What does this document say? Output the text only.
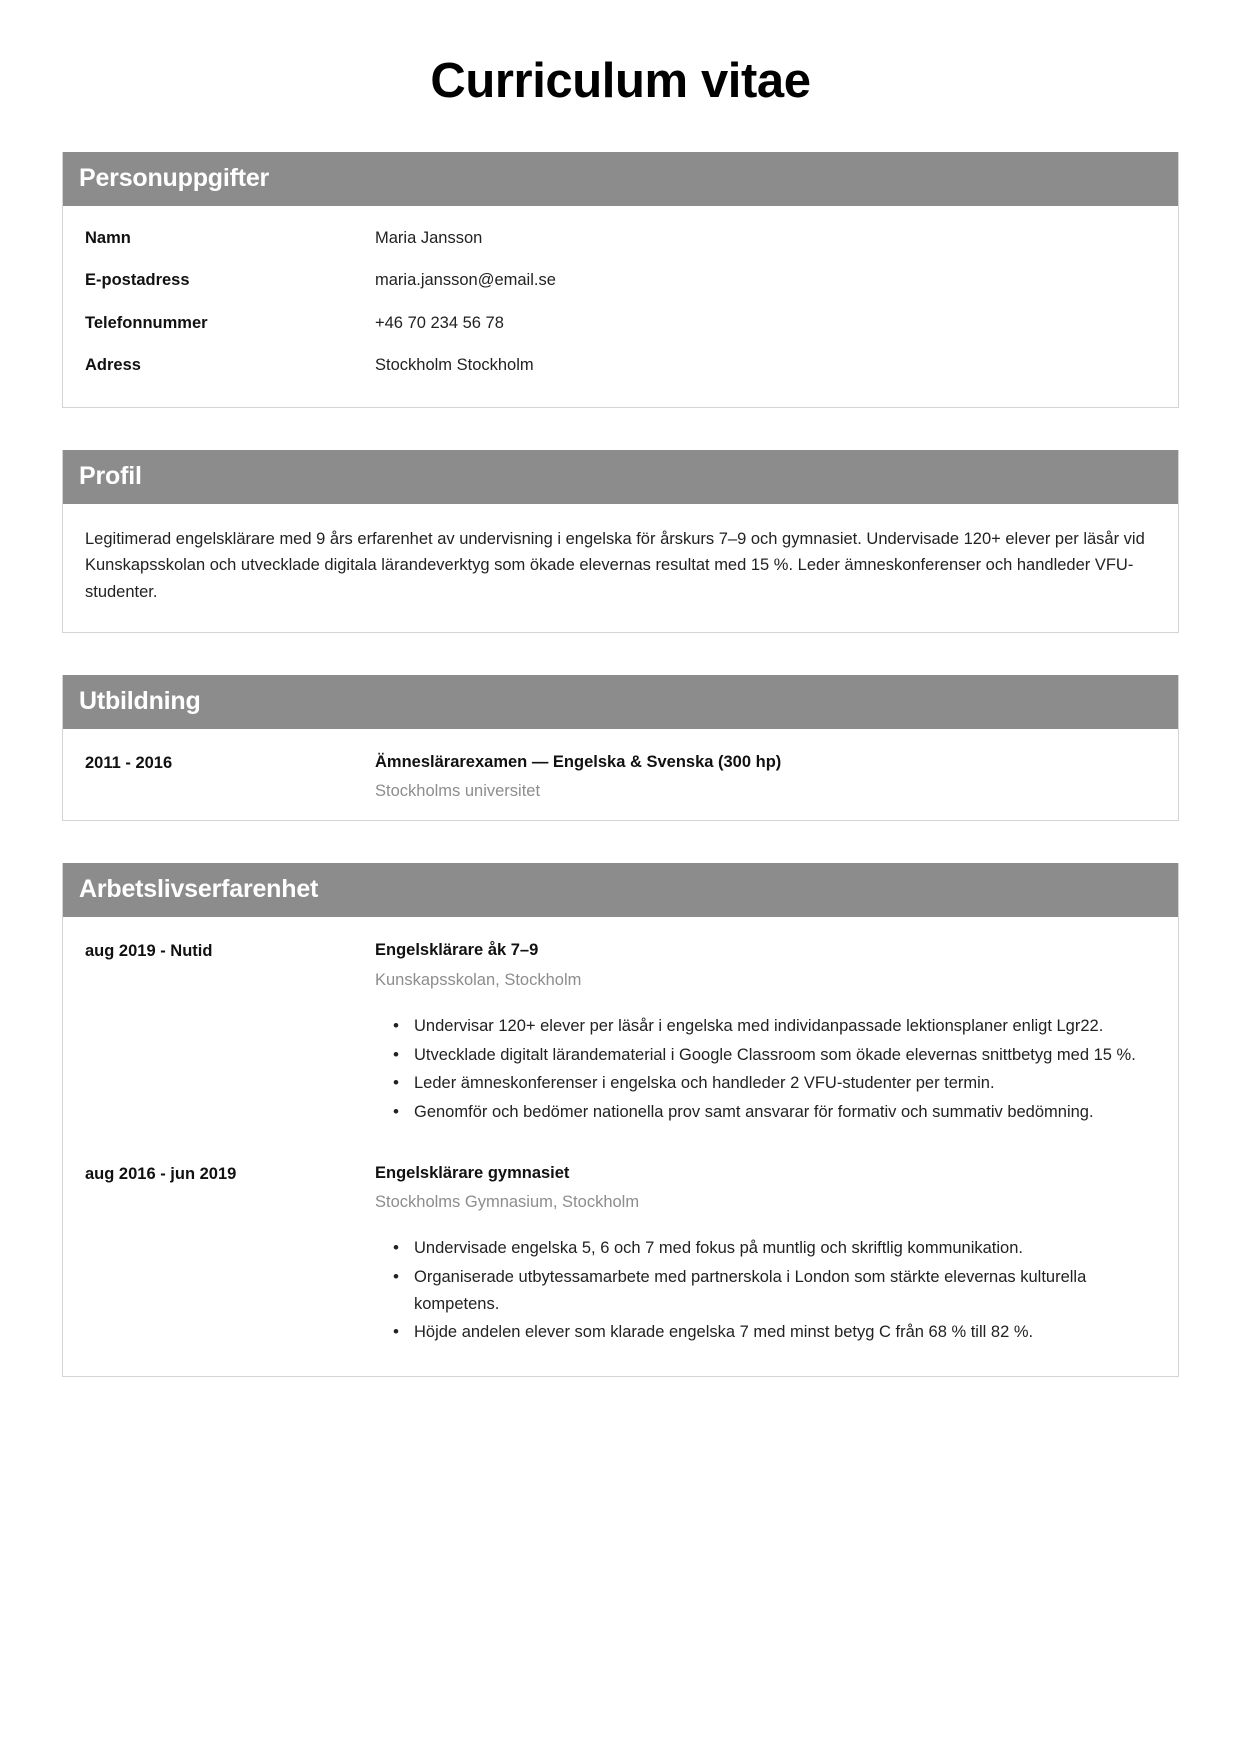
Curriculum vitae
Personuppgifter
Namn	Maria Jansson
E-postadress	maria.jansson@email.se
Telefonnummer	+46 70 234 56 78
Adress	Stockholm Stockholm
Profil

Legitimerad engelsklärare med 9 års erfarenhet av undervisning i engelska för årskurs 7–9 och gymnasiet. Undervisade 120+ elever per läsår vid Kunskapsskolan och utvecklade digitala lärandeverktyg som ökade elevernas resultat med 15 %. Leder ämneskonferenser och handleder VFU-studenter.

Utbildning
2011 - 2016	Ämneslärarexamen — Engelska & Svenska (300 hp)
Stockholms universitet
Arbetslivserfarenhet
aug 2019 - Nutid	Engelsklärare åk 7–9
Kunskapsskolan, Stockholm
• Undervisar 120+ elever per läsår i engelska med individanpassade lektionsplaner enligt Lgr22.
• Utvecklade digitalt lärandematerial i Google Classroom som ökade elevernas snittbetyg med 15 %.
• Leder ämneskonferenser i engelska och handleder 2 VFU-studenter per termin.
• Genomför och bedömer nationella prov samt ansvarar för formativ och summativ bedömning.
aug 2016 - jun 2019	Engelsklärare gymnasiet
Stockholms Gymnasium, Stockholm
• Undervisade engelska 5, 6 och 7 med fokus på muntlig och skriftlig kommunikation.
• Organiserade utbytessamarbete med partnerskola i London som stärkte elevernas kulturella kompetens.
• Höjde andelen elever som klarade engelska 7 med minst betyg C från 68 % till 82 %.
